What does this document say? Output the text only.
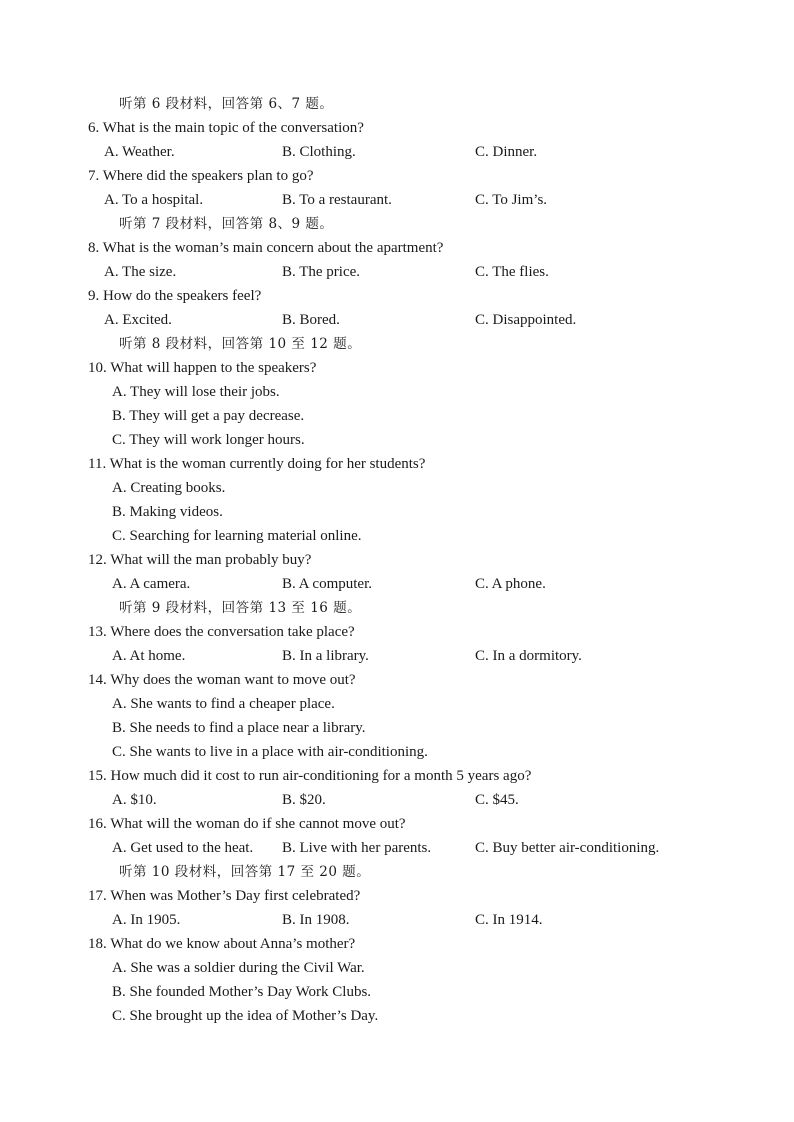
听第 6 段材料，回答第 6、7 题。
6. What is the main topic of the conversation?
A. Weather.	B. Clothing.	C. Dinner.
7. Where did the speakers plan to go?
A. To a hospital.	B. To a restaurant.	C. To Jim’s.
听第 7 段材料，回答第 8、9 题。
8. What is the woman’s main concern about the apartment?
A. The size.	B. The price.	C. The flies.
9. How do the speakers feel?
A. Excited.	B. Bored.	C. Disappointed.
听第 8 段材料，回答第 10 至 12 题。
10. What will happen to the speakers?
A. They will lose their jobs.
B. They will get a pay decrease.
C. They will work longer hours.
11. What is the woman currently doing for her students?
A. Creating books.
B. Making videos.
C. Searching for learning material online.
12. What will the man probably buy?
A. A camera.	B. A computer.	C. A phone.
听第 9 段材料，回答第 13 至 16 题。
13. Where does the conversation take place?
A. At home.	B. In a library.	C. In a dormitory.
14. Why does the woman want to move out?
A. She wants to find a cheaper place.
B. She needs to find a place near a library.
C. She wants to live in a place with air-conditioning.
15. How much did it cost to run air-conditioning for a month 5 years ago?
A. $10.	B. $20.	C. $45.
16. What will the woman do if she cannot move out?
A. Get used to the heat. B. Live with her parents.	C. Buy better air-conditioning.
听第 10 段材料，回答第 17 至 20 题。
17. When was Mother’s Day first celebrated?
A. In 1905.	B. In 1908.	C. In 1914.
18. What do we know about Anna’s mother?
A. She was a soldier during the Civil War.
B. She founded Mother’s Day Work Clubs.
C. She brought up the idea of Mother’s Day.
